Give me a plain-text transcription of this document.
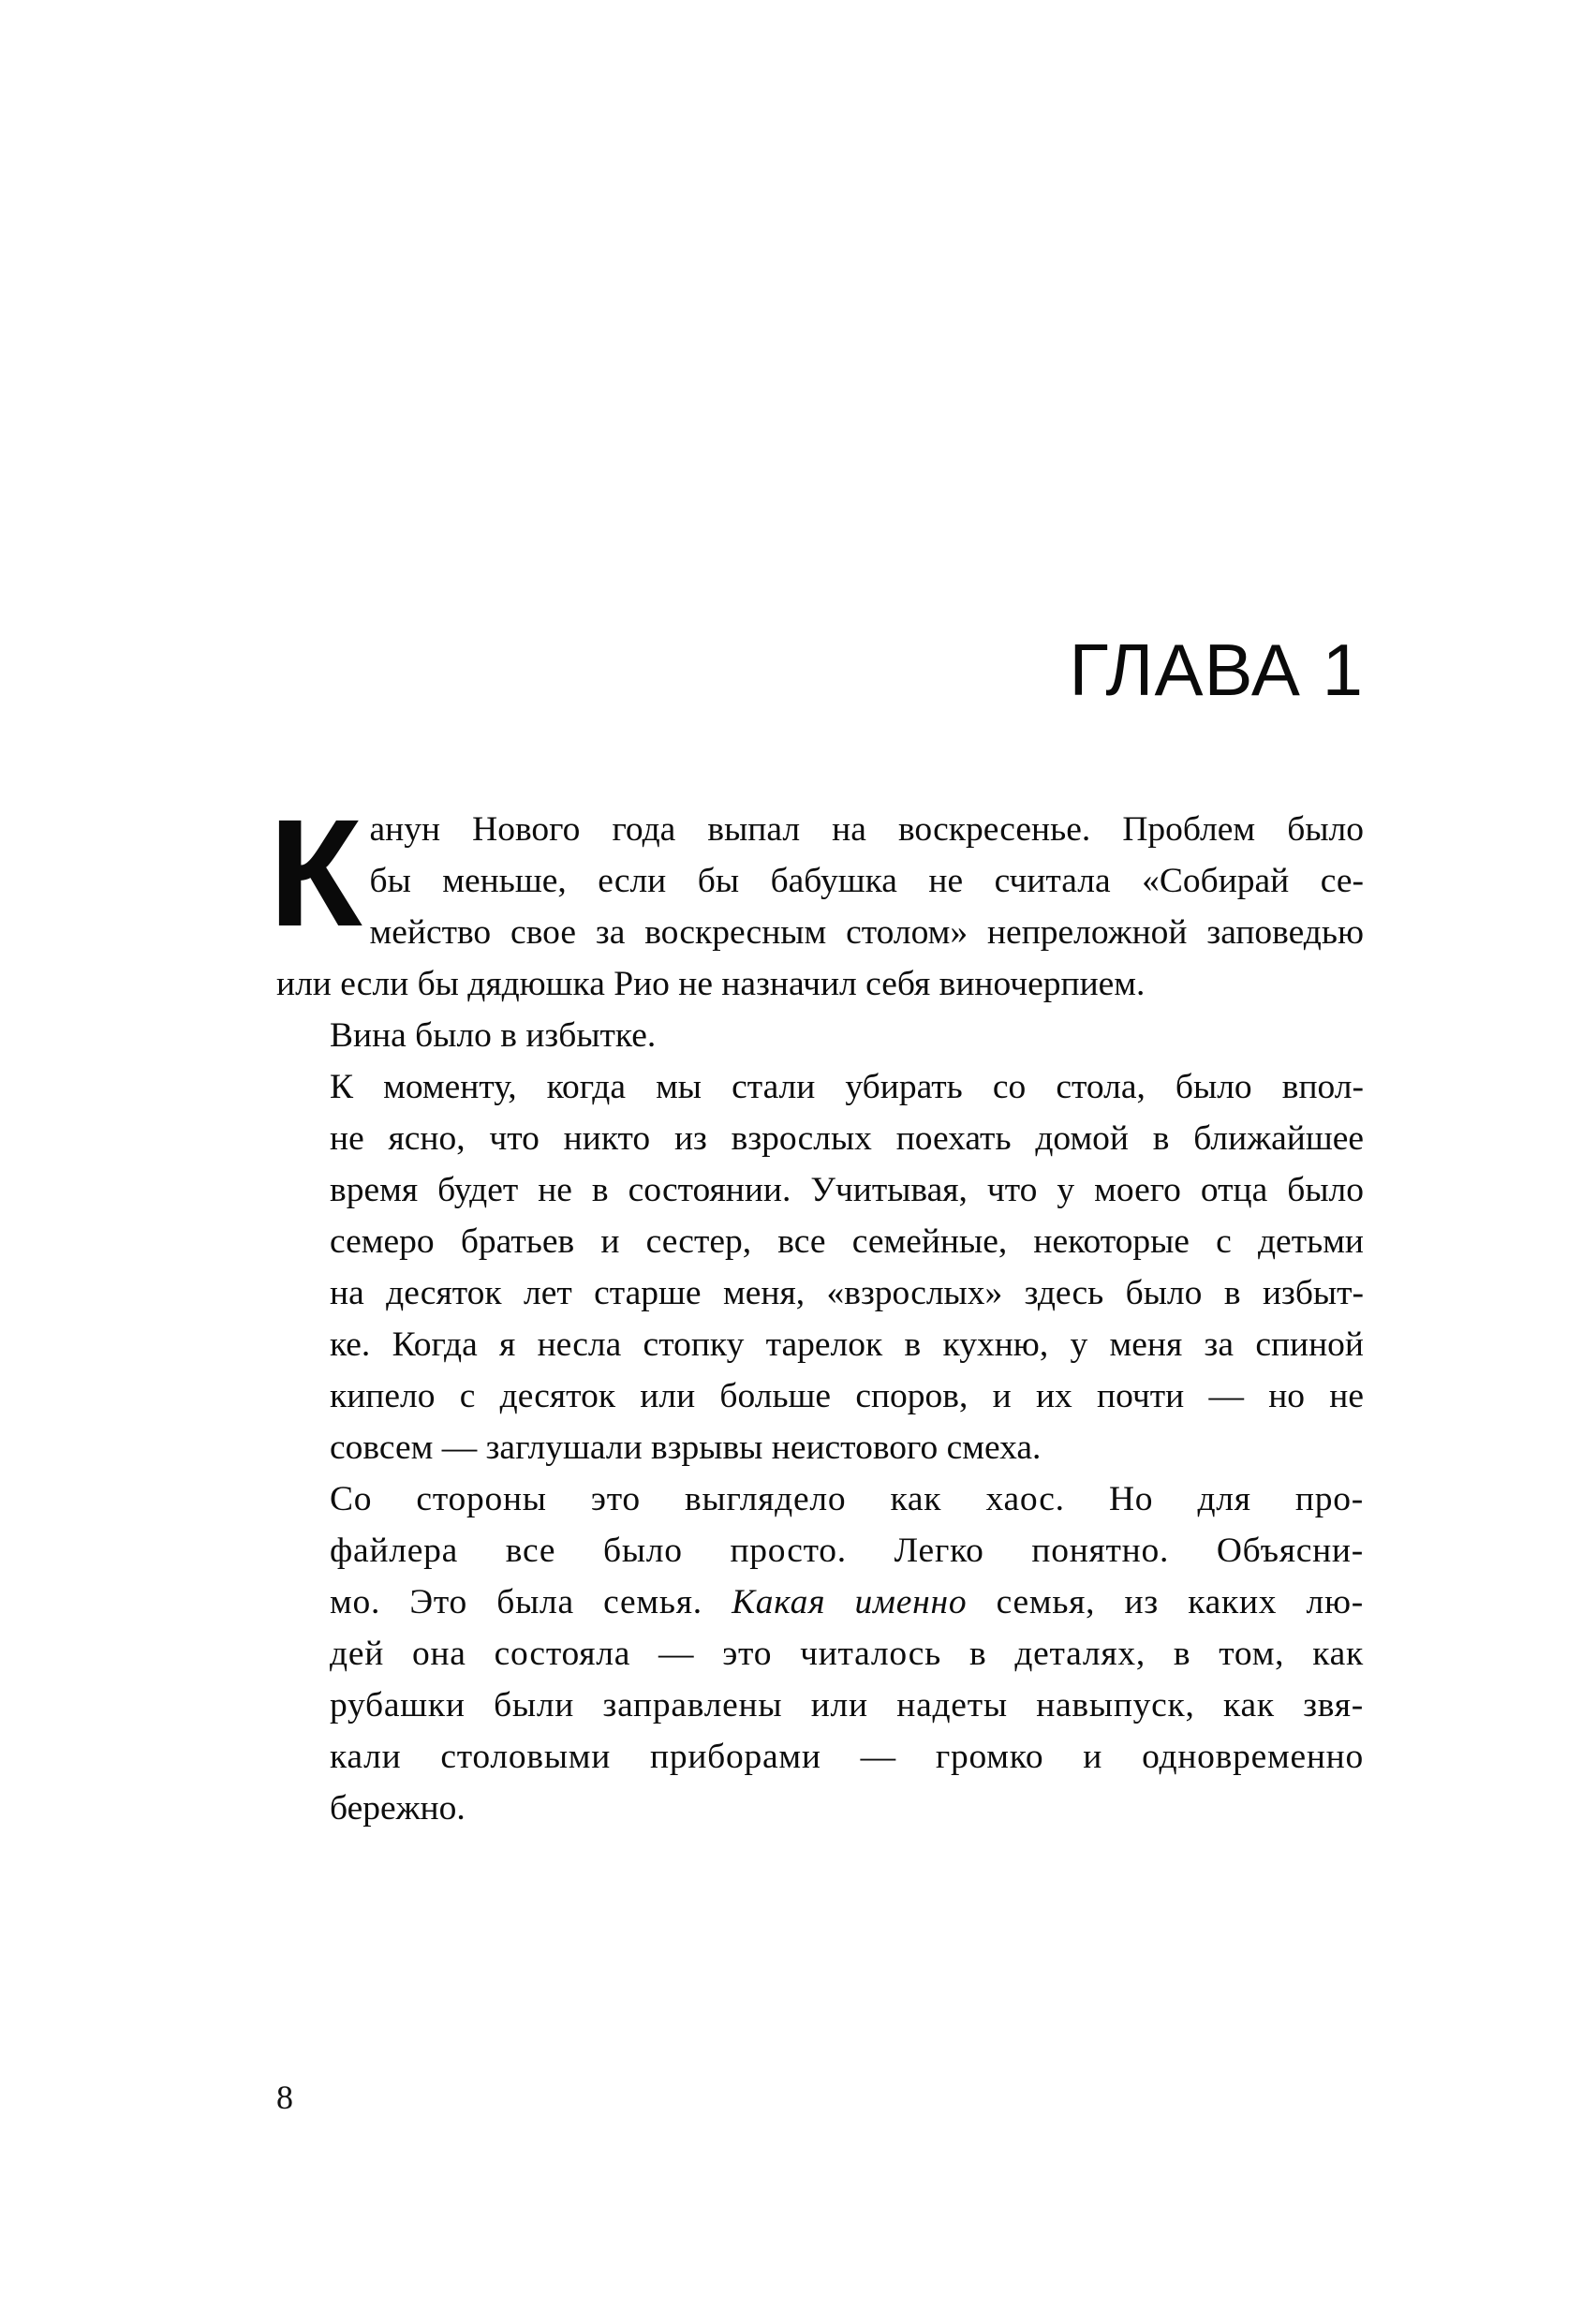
ГЛАВА 1
К анун Нового года выпал на воскресенье. Проблем было
бы меньше, если бы бабушка не считала «Собирай се-
мейство свое за воскресным столом» непреложной заповедью
или если бы дядюшка Рио не назначил себя виночерпием.

Вина было в избытке.

К моменту, когда мы стали убирать со стола, было впол-
не ясно, что никто из взрослых поехать домой в ближайшее
время будет не в состоянии. Учитывая, что у моего отца было
семеро братьев и сестер, все семейные, некоторые с детьми
на десяток лет старше меня, «взрослых» здесь было в избыт-
ке. Когда я несла стопку тарелок в кухню, у меня за спиной
кипело с десяток или больше споров, и их почти — но не
совсем — заглушали взрывы неистового смеха.

Со стороны это выглядело как хаос. Но для про-
файлера все было просто. Легко понятно. Объясни-
мо. Это была семья. Какая именно семья, из каких лю-
дей она состояла — это читалось в деталях, в том, как
рубашки были заправлены или надеты навыпуск, как звя-
кали столовыми приборами — громко и одновременно
бережно.

8
